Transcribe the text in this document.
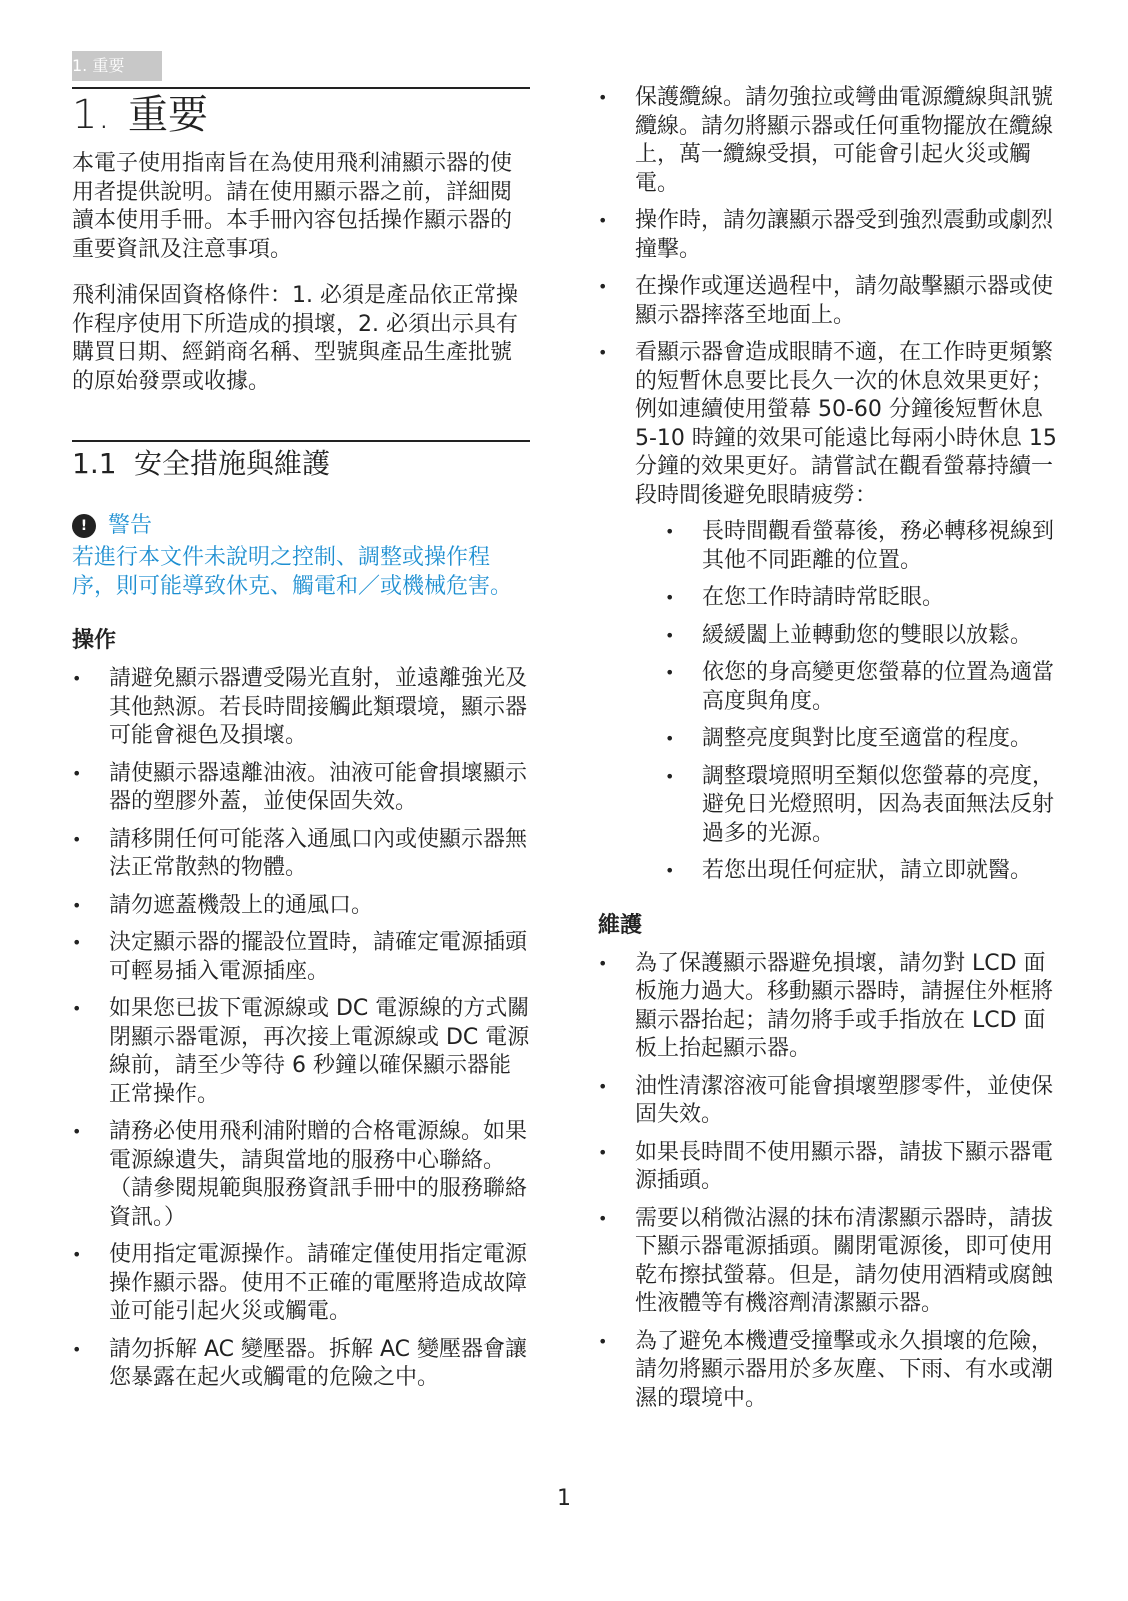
1. 重要
1. 重要

本電子使用指南旨在為使用飛利浦顯示器的使用者提供說明。請在使用顯示器之前，詳細閱讀本使用手冊。本手冊內容包括操作顯示器的重要資訊及注意事項。

飛利浦保固資格條件：1. 必須是產品依正常操作程序使用下所造成的損壞，2. 必須出示具有購買日期、經銷商名稱、型號與產品生產批號的原始發票或收據。

1.1 安全措施與維護
! 警告

若進行本文件未說明之控制、調整或操作程序，則可能導致休克、觸電和／或機械危害。

操作
• 請避免顯示器遭受陽光直射，並遠離強光及其他熱源。若長時間接觸此類環境，顯示器可能會褪色及損壞。
• 請使顯示器遠離油液。油液可能會損壞顯示器的塑膠外蓋，並使保固失效。
• 請移開任何可能落入通風口內或使顯示器無法正常散熱的物體。
• 請勿遮蓋機殼上的通風口。
• 決定顯示器的擺設位置時，請確定電源插頭可輕易插入電源插座。
• 如果您已拔下電源線或 DC 電源線的方式關閉顯示器電源，再次接上電源線或 DC 電源線前，請至少等待 6 秒鐘以確保顯示器能正常操作。
• 請務必使用飛利浦附贈的合格電源線。如果電源線遺失，請與當地的服務中心聯絡。（請參閱規範與服務資訊手冊中的服務聯絡資訊。）
• 使用指定電源操作。請確定僅使用指定電源操作顯示器。使用不正確的電壓將造成故障並可能引起火災或觸電。
• 請勿拆解 AC 變壓器。拆解 AC 變壓器會讓您暴露在起火或觸電的危險之中。
• 保護纜線。請勿強拉或彎曲電源纜線與訊號纜線。請勿將顯示器或任何重物擺放在纜線上，萬一纜線受損，可能會引起火災或觸電。
• 操作時，請勿讓顯示器受到強烈震動或劇烈撞擊。
• 在操作或運送過程中，請勿敲擊顯示器或使顯示器摔落至地面上。
• 看顯示器會造成眼睛不適，在工作時更頻繁的短暫休息要比長久一次的休息效果更好；例如連續使用螢幕 50-60 分鐘後短暫休息 5-10 時鐘的效果可能遠比每兩小時休息 15 分鐘的效果更好。請嘗試在觀看螢幕持續一段時間後避免眼睛疲勞：
• 長時間觀看螢幕後，務必轉移視線到其他不同距離的位置。
• 在您工作時請時常眨眼。
• 緩緩闔上並轉動您的雙眼以放鬆。
• 依您的身高變更您螢幕的位置為適當高度與角度。
• 調整亮度與對比度至適當的程度。
• 調整環境照明至類似您螢幕的亮度，避免日光燈照明，因為表面無法反射過多的光源。
• 若您出現任何症狀，請立即就醫。
維護
• 為了保護顯示器避免損壞，請勿對 LCD 面板施力過大。移動顯示器時，請握住外框將顯示器抬起；請勿將手或手指放在 LCD 面板上抬起顯示器。
• 油性清潔溶液可能會損壞塑膠零件，並使保固失效。
• 如果長時間不使用顯示器，請拔下顯示器電源插頭。
• 需要以稍微沾濕的抹布清潔顯示器時，請拔下顯示器電源插頭。關閉電源後，即可使用乾布擦拭螢幕。但是，請勿使用酒精或腐蝕性液體等有機溶劑清潔顯示器。
• 為了避免本機遭受撞擊或永久損壞的危險，請勿將顯示器用於多灰塵、下雨、有水或潮濕的環境中。
1
